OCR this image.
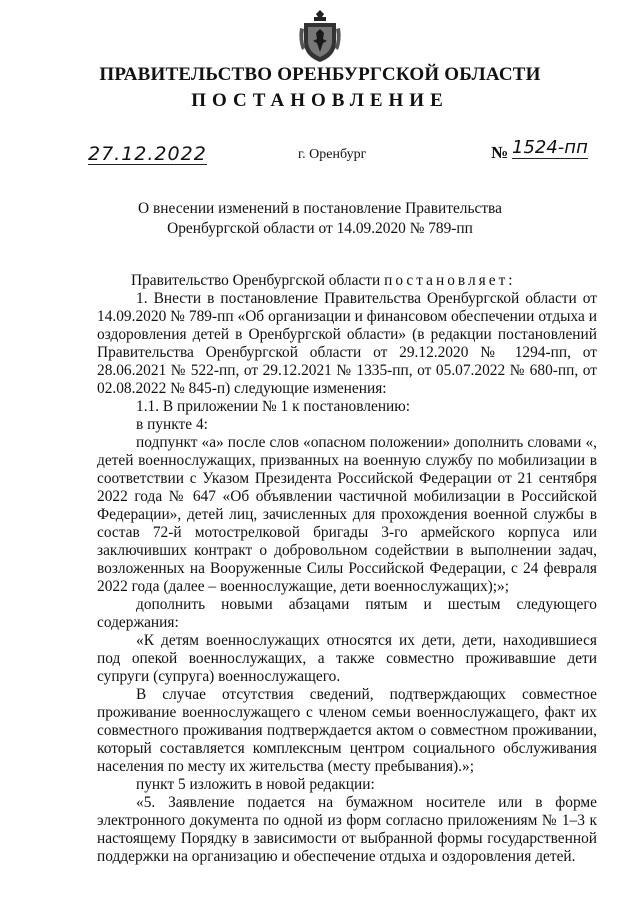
ПРАВИТЕЛЬСТВО ОРЕНБУРГСКОЙ ОБЛАСТИ
ПОСТАНОВЛЕНИЕ
27.12.2022	г. Оренбург	№ 1524-пп
О внесении изменений в постановление Правительства
Оренбургской области от 14.09.2020 № 789-пп

Правительство Оренбургской области постановляет:

1. Внести в постановление Правительства Оренбургской области от 14.09.2020 № 789-пп «Об организации и финансовом обеспечении отдыха и оздоровления детей в Оренбургской области» (в редакции постановлений Правительства Оренбургской области от 29.12.2020 № 1294-пп, от 28.06.2021 № 522-пп, от 29.12.2021 № 1335-пп, от 05.07.2022 № 680-пп, от 02.08.2022 № 845-п) следующие изменения:

1.1. В приложении № 1 к постановлению:

в пункте 4:

подпункт «а» после слов «опасном положении» дополнить словами «, детей военнослужащих, призванных на военную службу по мобилизации в соответствии с Указом Президента Российской Федерации от 21 сентября 2022 года № 647 «Об объявлении частичной мобилизации в Российской Федерации», детей лиц, зачисленных для прохождения военной службы в состав 72-й мотострелковой бригады 3-го армейского корпуса или заключивших контракт о добровольном содействии в выполнении задач, возложенных на Вооруженные Силы Российской Федерации, с 24 февраля 2022 года (далее – военнослужащие, дети военнослужащих);»;

дополнить новыми абзацами пятым и шестым следующего содержания:

«К детям военнослужащих относятся их дети, дети, находившиеся под опекой военнослужащих, а также совместно проживавшие дети супруги (супруга) военнослужащего.

В случае отсутствия сведений, подтверждающих совместное проживание военнослужащего с членом семьи военнослужащего, факт их совместного проживания подтверждается актом о совместном проживании, который составляется комплексным центром социального обслуживания населения по месту их жительства (месту пребывания).»;

пункт 5 изложить в новой редакции:

«5. Заявление подается на бумажном носителе или в форме электронного документа по одной из форм согласно приложениям № 1–3 к настоящему Порядку в зависимости от выбранной формы государственной поддержки на организацию и обеспечение отдыха и оздоровления детей.
